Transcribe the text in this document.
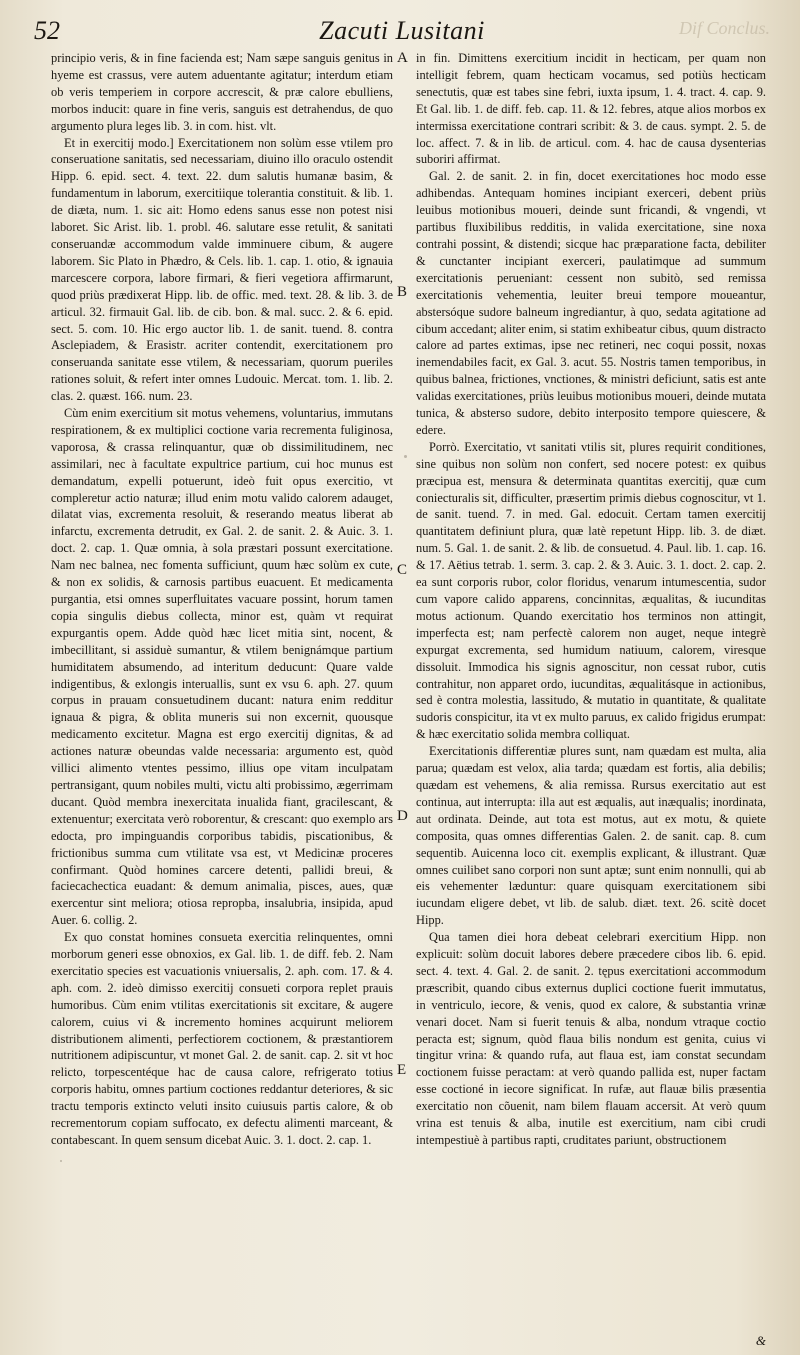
Dif Conclus.
Zacuti Lusitani
52

principio veris, & in fine facienda est; Nam sæpe sanguis genitus in hyeme est crassus, vere autem aduentante agitatur; interdum etiam ob veris temperiem in corpore accrescit, & præ calore ebulliens, morbos inducit: quare in fine veris, sanguis est detrahendus, de quo argumento plura leges lib. 3. in com. hist. vlt.

Et in exercitij modo.] Exercitationem non solùm esse vtilem pro conseruatione sanitatis, sed necessariam, diuino illo oraculo ostendit Hipp. 6. epid. sect. 4. text. 22. dum salutis humanæ basim, & fundamentum in laborum, exercitiique tolerantia constituit. & lib. 1. de diæta, num. 1. sic ait: Homo edens sanus esse non potest nisi laboret. Sic Arist. lib. 1. probl. 46. salutare esse retulit, & sanitati conseruandæ accommodum valde imminuere cibum, & augere laborem. Sic Plato in Phædro, & Cels. lib. 1. cap. 1. otio, & ignauia marcescere corpora, labore firmari, & fieri vegetiora affirmarunt, quod priùs prædixerat Hipp. lib. de offic. med. text. 28. & lib. 3. de articul. 32. firmauit Gal. lib. de cib. bon. & mal. succ. 2. & 6. epid. sect. 5. com. 10. Hic ergo auctor lib. 1. de sanit. tuend. 8. contra Asclepiadem, & Erasistr. acriter contendit, exercitationem pro conseruanda sanitate esse vtilem, & necessariam, quorum pueriles rationes soluit, & refert inter omnes Ludouic. Mercat. tom. 1. lib. 2. clas. 2. quæst. 166. num. 23.

Cùm enim exercitium sit motus vehemens, voluntarius, immutans respirationem, & ex multiplici coctione varia recrementa fuliginosa, vaporosa, & crassa relinquantur, quæ ob dissimilitudinem, nec assimilari, nec à facultate expultrice partium, cui hoc munus est demandatum, expelli potuerunt, ideò fuit opus exercitio, vt compleretur actio naturæ; illud enim motu valido calorem adauget, dilatat vias, excrementa resoluit, & reserando meatus liberat ab infarctu, excrementa detrudit, ex Gal. 2. de sanit. 2. & Auic. 3. 1. doct. 2. cap. 1. Quæ omnia, à sola præstari possunt exercitatione. Nam nec balnea, nec fomenta sufficiunt, quum hæc solùm ex cute, & non ex solidis, & carnosis partibus euacuent. Et medicamenta purgantia, etsi omnes superfluitates vacuare possint, horum tamen copia singulis diebus collecta, minor est, quàm vt requirat expurgantis opem. Adde quòd hæc licet mitia sint, nocent, & imbecillitant, si assiduè sumantur, & vtilem benignámque partium humiditatem absumendo, ad interitum deducunt: Quare valde indigentibus, & exlongis interuallis, sunt ex vsu 6. aph. 27. quum corpus in prauam consuetudinem ducant: natura enim redditur ignaua & pigra, & oblita muneris sui non excernit, quousque medicamento excitetur. Magna est ergo exercitij dignitas, & ad actiones naturæ obeundas valde necessaria: argumento est, quòd villici alimento vtentes pessimo, illius ope vitam inculpatam pertransigant, quum nobiles multi, victu alti probissimo, ægerrimam ducant. Quòd membra inexercitata inualida fiant, gracilescant, & extenuentur; exercitata verò roborentur, & crescant: quo exemplo ars edocta, pro impinguandis corporibus tabidis, piscationibus, & frictionibus summa cum vtilitate vsa est, vt Medicinæ proceres confirmant. Quòd homines carcere detenti, pallidi breui, & faciecachectica euadant: & demum animalia, pisces, aues, quæ exercentur sint meliora; otiosa repropba, insalubria, insipida, apud Auer. 6. collig. 2.

Ex quo constat homines consueta exercitia relinquentes, omni morborum generi esse obnoxios, ex Gal. lib. 1. de diff. feb. 2. Nam exercitatio species est vacuationis vniuersalis, 2. aph. com. 17. & 4. aph. com. 2. ideò dimisso exercitij consueti corpora replet prauis humoribus. Cùm enim vtilitas exercitationis sit excitare, & augere calorem, cuius vi & incremento homines acquirunt meliorem distributionem alimenti, perfectiorem coctionem, & præstantiorem nutritionem adipiscuntur, vt monet Gal. 2. de sanit. cap. 2. sit vt hoc relicto, torpescentéque hac de causa calore, refrigerato totius corporis habitu, omnes partium coctiones reddantur deteriores, & sic tractu temporis extincto veluti insito cuiusuis partis calore, & ob recrementorum copiam suffocato, ex defectu alimenti marceant, & contabescant. In quem sensum dicebat Auic. 3. 1. doct. 2. cap. 1.

A
B
C
D
E

in fin. Dimittens exercitium incidit in hecticam, per quam non intelligit febrem, quam hecticam vocamus, sed potiùs hecticam senectutis, quæ est tabes sine febri, iuxta ipsum, 1. 4. tract. 4. cap. 9. Et Gal. lib. 1. de diff. feb. cap. 11. & 12. febres, atque alios morbos ex intermissa exercitatione contrari scribit: & 3. de caus. sympt. 2. 5. de loc. affect. 7. & in lib. de articul. com. 4. hac de causa dysenterias suboriri affirmat.

Gal. 2. de sanit. 2. in fin, docet exercitationes hoc modo esse adhibendas. Antequam homines incipiant exerceri, debent priùs leuibus motionibus moueri, deinde sunt fricandi, & vngendi, vt partibus fluxibilibus redditis, in valida exercitatione, sine noxa contrahi possint, & distendi; sicque hac præparatione facta, debiliter & cunctanter incipiant exerceri, paulatimque ad summum exercitationis perueniant: cessent non subitò, sed remissa exercitationis vehementia, leuiter breui tempore moueantur, abstersóque sudore balneum ingrediantur, à quo, sedata agitatione ad cibum accedant; aliter enim, si statim exhibeatur cibus, quum distracto calore ad partes extimas, ipse nec retineri, nec coqui possit, noxas inemendabiles facit, ex Gal. 3. acut. 55. Nostris tamen temporibus, in quibus balnea, frictiones, vnctiones, & ministri deficiunt, satis est ante validas exercitationes, priùs leuibus motionibus moueri, deinde mutata tunica, & absterso sudore, debito interposito tempore quiescere, & edere.

Porrò. Exercitatio, vt sanitati vtilis sit, plures requirit conditiones, sine quibus non solùm non confert, sed nocere potest: ex quibus præcipua est, mensura & determinata quantitas exercitij, quæ cum coniecturalis sit, difficulter, præsertim primis diebus cognoscitur, vt 1. de sanit. tuend. 7. in med. Gal. edocuit. Certam tamen exercitij quantitatem definiunt plura, quæ latè repetunt Hipp. lib. 3. de diæt. num. 5. Gal. 1. de sanit. 2. & lib. de consuetud. 4. Paul. lib. 1. cap. 16. & 17. Aëtius tetrab. 1. serm. 3. cap. 2. & 3. Auic. 3. 1. doct. 2. cap. 2. ea sunt corporis rubor, color floridus, venarum intumescentia, sudor cum vapore calido apparens, concinnitas, æqualitas, & iucunditas motus actionum. Quando exercitatio hos terminos non attingit, imperfecta est; nam perfectè calorem non auget, neque integrè expurgat excrementa, sed humidum natiuum, calorem, viresque dissoluit. Immodica his signis agnoscitur, non cessat rubor, cutis contrahitur, non apparet ordo, iucunditas, æqualitásque in actionibus, sed è contra molestia, lassitudo, & mutatio in quantitate, & qualitate sudoris conspicitur, ita vt ex multo paruus, ex calido frigidus erumpat: & hæc exercitatio solida membra colliquat.

Exercitationis differentiæ plures sunt, nam quædam est multa, alia parua; quædam est velox, alia tarda; quædam est fortis, alia debilis; quædam est vehemens, & alia remissa. Rursus exercitatio aut est continua, aut interrupta: illa aut est æqualis, aut inæqualis; inordinata, aut ordinata. Deinde, aut tota est motus, aut ex motu, & quiete composita, quas omnes differentias Galen. 2. de sanit. cap. 8. cum sequentib. Auicenna loco cit. exemplis explicant, & illustrant. Quæ omnes cuilibet sano corpori non sunt aptæ; sunt enim nonnulli, qui ab eis vehementer læduntur: quare quisquam exercitationem sibi iucundam eligere debet, vt lib. de salub. diæt. text. 26. scitè docet Hipp.

Qua tamen diei hora debeat celebrari exercitium Hipp. non explicuit: solùm docuit labores debere præcedere cibos lib. 6. epid. sect. 4. text. 4. Gal. 2. de sanit. 2. tępus exercitationi accommodum præscribit, quando cibus externus duplici coctione fuerit immutatus, in ventriculo, iecore, & venis, quod ex calore, & substantia vrinæ venari docet. Nam si fuerit tenuis & alba, nondum vtraque coctio peracta est; signum, quòd flaua bilis nondum est genita, cuius vi tingitur vrina: & quando rufa, aut flaua est, iam constat secundam coctionem fuisse peractam: at verò quando pallida est, nuper factam esse coctioné in iecore significat. In rufæ, aut flauæ bilis præsentia exercitatio non cõuenit, nam bilem flauam accersit. At verò quum vrina est tenuis & alba, inutile est exercitium, nam cibi crudi intempestiuè à partibus rapti, cruditates pariunt, obstructionem

&
